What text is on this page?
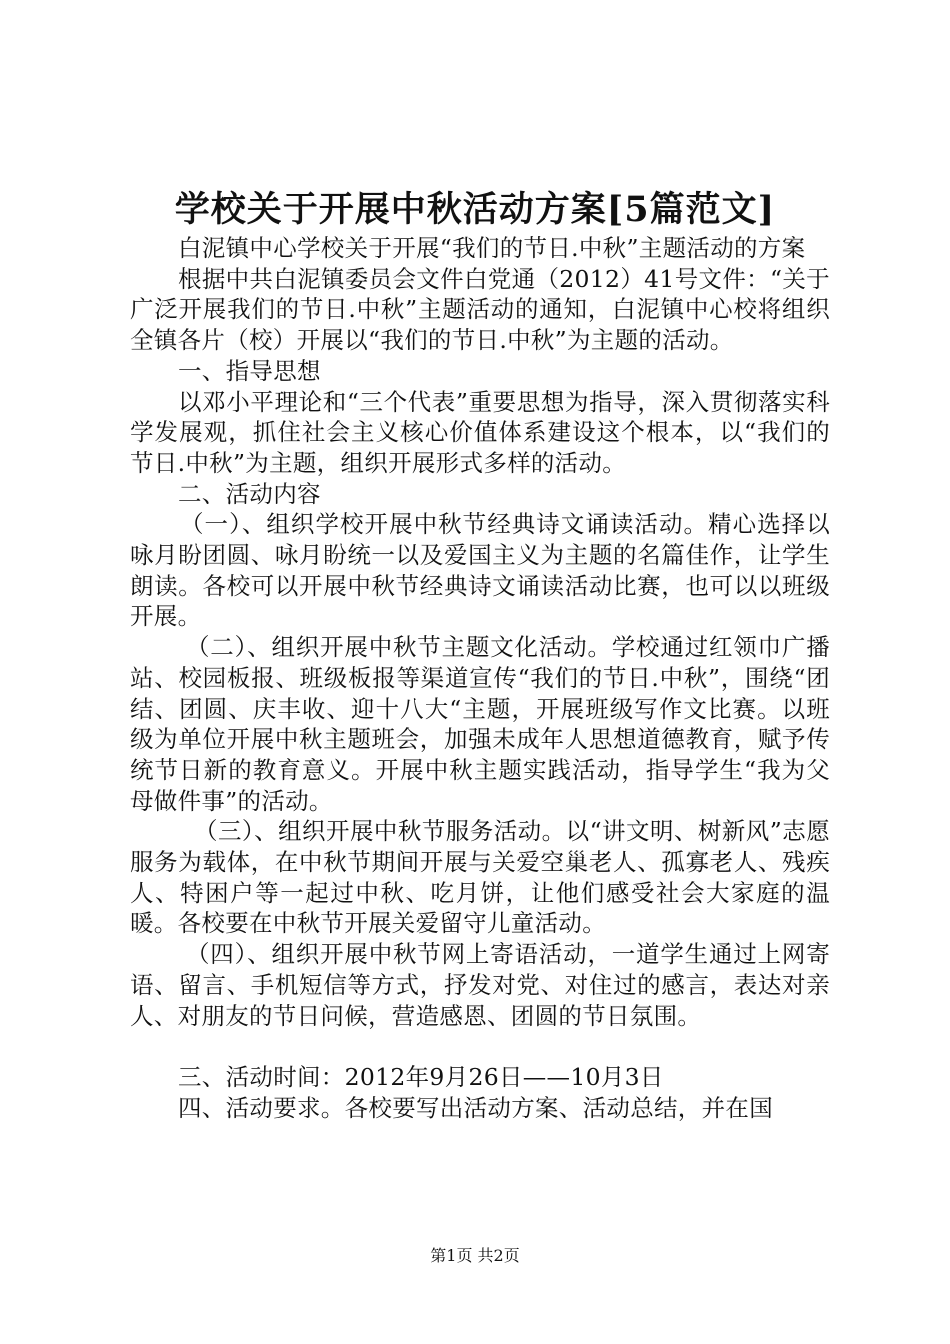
学校关于开展中秋活动方案[5篇范文]

白泥镇中心学校关于开展“我们的节日.中秋”主题活动的方案

根据中共白泥镇委员会文件白党通（2012）41号文件：“关于广泛开展我们的节日.中秋”主题活动的通知，白泥镇中心校将组织全镇各片（校）开展以“我们的节日.中秋”为主题的活动。

一、指导思想

以邓小平理论和“三个代表”重要思想为指导，深入贯彻落实科学发展观，抓住社会主义核心价值体系建设这个根本，以“我们的节日.中秋”为主题，组织开展形式多样的活动。

二、活动内容

（一）、组织学校开展中秋节经典诗文诵读活动。精心选择以咏月盼团圆、咏月盼统一以及爱国主义为主题的名篇佳作，让学生朗读。各校可以开展中秋节经典诗文诵读活动比赛，也可以以班级开展。

（二）、组织开展中秋节主题文化活动。学校通过红领巾广播站、校园板报、班级板报等渠道宣传“我们的节日.中秋”，围绕“团结、团圆、庆丰收、迎十八大“主题，开展班级写作文比赛。以班级为单位开展中秋主题班会，加强未成年人思想道德教育，赋予传统节日新的教育意义。开展中秋主题实践活动，指导学生“我为父母做件事”的活动。

（三）、组织开展中秋节服务活动。以“讲文明、树新风”志愿服务为载体，在中秋节期间开展与关爱空巢老人、孤寡老人、残疾人、特困户等一起过中秋、吃月饼，让他们感受社会大家庭的温暖。各校要在中秋节开展关爱留守儿童活动。

（四）、组织开展中秋节网上寄语活动，一道学生通过上网寄语、留言、手机短信等方式，抒发对党、对住过的感言，表达对亲人、对朋友的节日问候，营造感恩、团圆的节日氛围。

三、活动时间：2012年9月26日——10月3日

四、活动要求。各校要写出活动方案、活动总结，并在国

第1页 共2页
